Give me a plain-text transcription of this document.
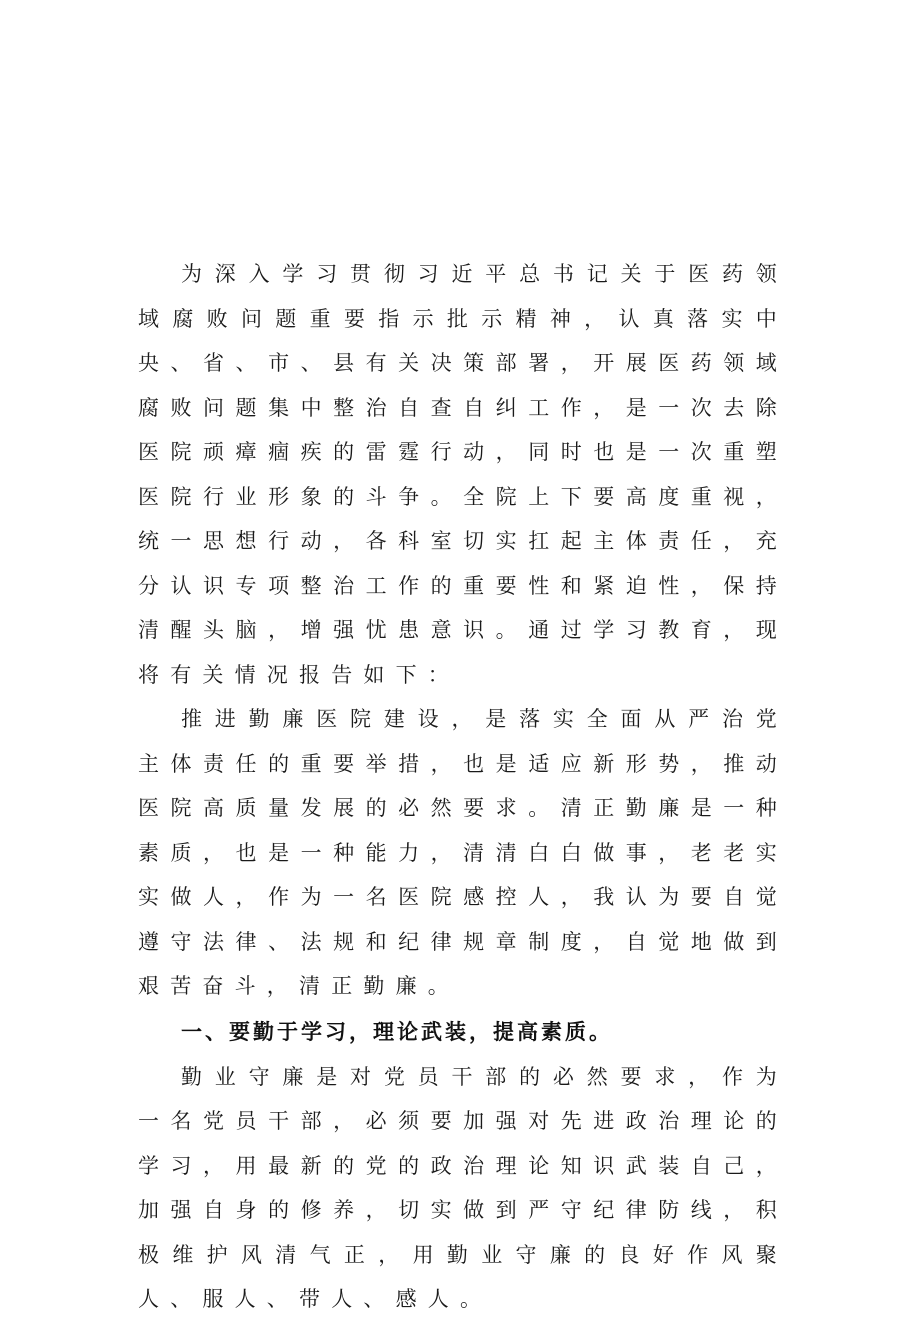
为深入学习贯彻习近平总书记关于医药领域腐败问题重要指示批示精神，认真落实中央、省、市、县有关决策部署，开展医药领域腐败问题集中整治自查自纠工作，是一次去除医院顽瘴痼疾的雷霆行动，同时也是一次重塑医院行业形象的斗争。全院上下要高度重视，统一思想行动，各科室切实扛起主体责任，充分认识专项整治工作的重要性和紧迫性，保持清醒头脑，增强忧患意识。通过学习教育，现将有关情况报告如下：

推进勤廉医院建设，是落实全面从严治党主体责任的重要举措，也是适应新形势，推动医院高质量发展的必然要求。清正勤廉是一种素质，也是一种能力，清清白白做事，老老实实做人，作为一名医院感控人，我认为要自觉遵守法律、法规和纪律规章制度，自觉地做到艰苦奋斗，清正勤廉。

一、要勤于学习，理论武装，提高素质。

勤业守廉是对党员干部的必然要求，作为一名党员干部，必须要加强对先进政治理论的学习，用最新的党的政治理论知识武装自己，加强自身的修养，切实做到严守纪律防线，积极维护风清气正，用勤业守廉的良好作风聚人、服人、带人、感人。
